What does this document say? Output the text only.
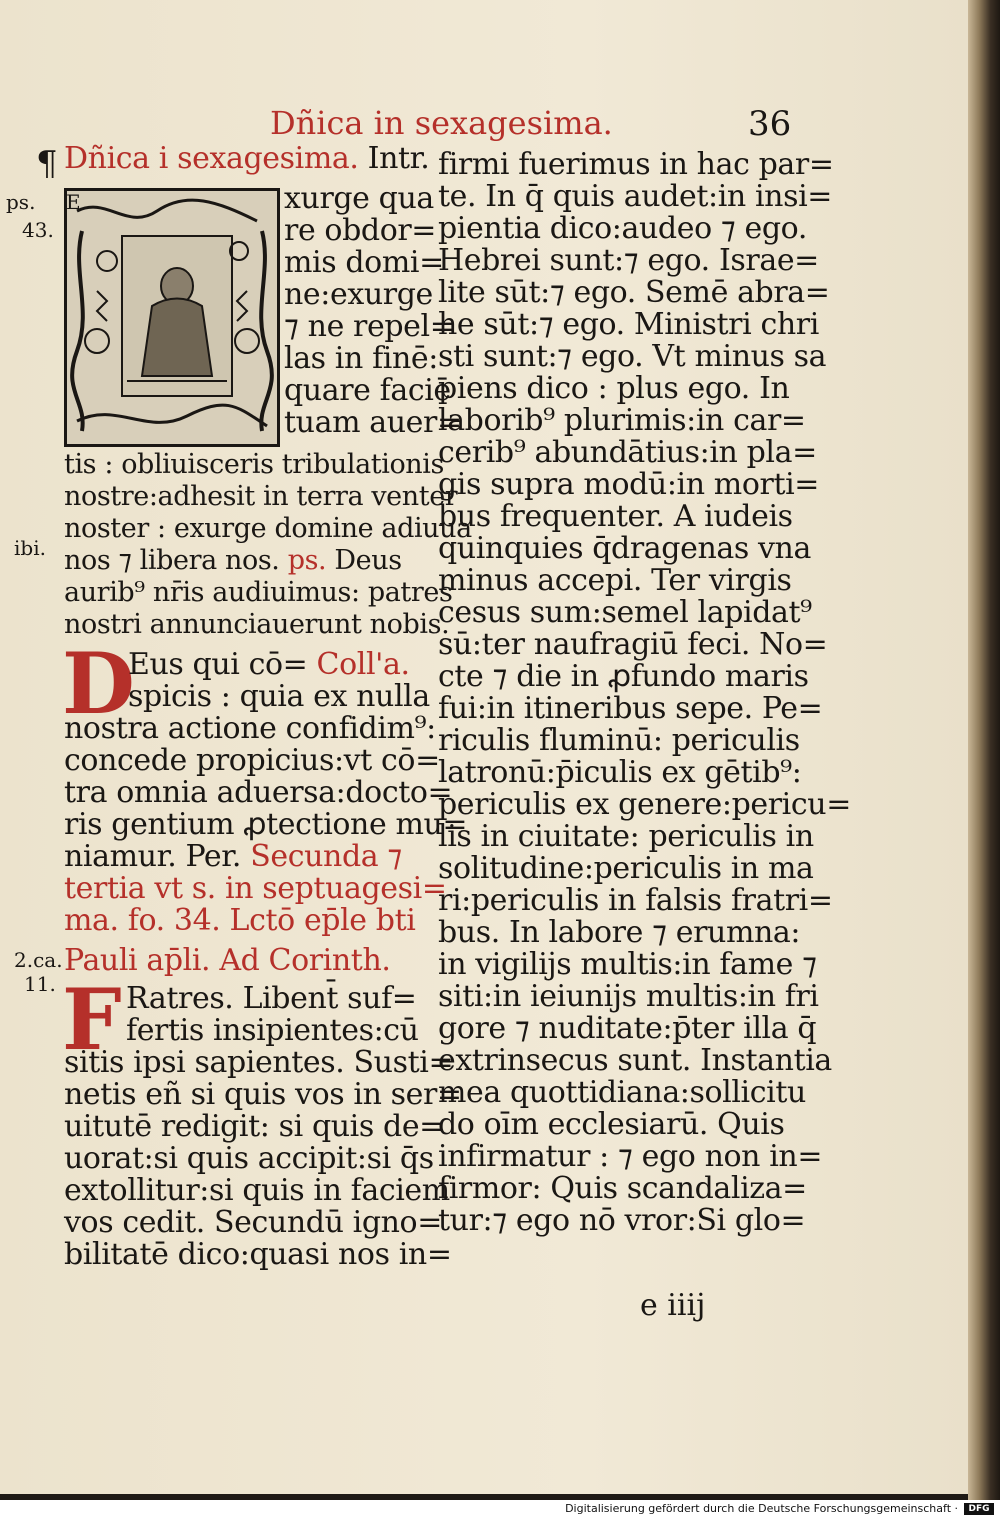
Dñica in sexagesima.	36
¶ Dñica i sexagesima. Intr.
ps.
43.
E	xurge qua
re obdor=
mis domi=
ne:exurge
⁊ ne repel=
las in finē:
quare faciē
tuam auer=
tis : obliuisceris tribulationis
nostre:adhesit in terra venter
noster : exurge domine adiuua
ibi. nos ⁊ libera nos. ps. Deus
aurib⁹ nr̄is audiuimus: patres
nostri annunciauerunt nobis.
D
Eus qui cō= Coll'a.
spicis : quia ex nulla
nostra actione confidim⁹:
concede propicius:vt cō=
tra omnia aduersa:docto=
ris gentium ꝓtectione mu=
niamur. Per. Secunda ⁊
tertia vt s. in septuagesi=
ma. fo. 34. Lctō ep̄le bti
2.ca.
11.
Pauli ap̄li. Ad Corinth.
F Ratres. Libent̄ suf=
fertis insipientes:cū
sitis ipsi sapientes. Susti=
netis eñ si quis vos in ser=
uitutē redigit: si quis de=
uorat:si quis accipit:si q̄s
extollitur:si quis in faciem
vos cedit. Secundū igno=
bilitatē dico:quasi nos in=
firmi fuerimus in hac par=
te. In q̄ quis audet:in insi=
pientia dico:audeo ⁊ ego.
Hebrei sunt:⁊ ego. Israe=
lite sūt:⁊ ego. Semē abra=
he sūt:⁊ ego. Ministri chri
sti sunt:⁊ ego. Vt minus sa
piens dico : plus ego. In
laborib⁹ plurimis:in car=
cerib⁹ abundātius:in pla=
gis supra modū:in morti=
bus frequenter. A iudeis
quinquies q̄dragenas vna
minus accepi. Ter virgis
cesus sum:semel lapidat⁹
sū:ter naufragiū feci. No=
cte ⁊ die in ꝓfundo maris
fui:in itineribus sepe. Pe=
riculis fluminū: periculis
latronū:p̄iculis ex gētib⁹:
periculis ex genere:pericu=
lis in ciuitate: periculis in
solitudine:periculis in ma
ri:periculis in falsis fratri=
bus. In labore ⁊ erumna:
in vigilijs multis:in fame ⁊
siti:in ieiunijs multis:in fri
gore ⁊ nuditate:p̄ter illa q̄
extrinsecus sunt. Instantia
mea quottidiana:sollicitu
do oīm ecclesiarū. Quis
infirmatur : ⁊ ego non in=
firmor: Quis scandaliza=
tur:⁊ ego nō vror:Si glo=
e iiij
Digitalisierung gefördert durch die Deutsche Forschungsgemeinschaft ·	DFG
